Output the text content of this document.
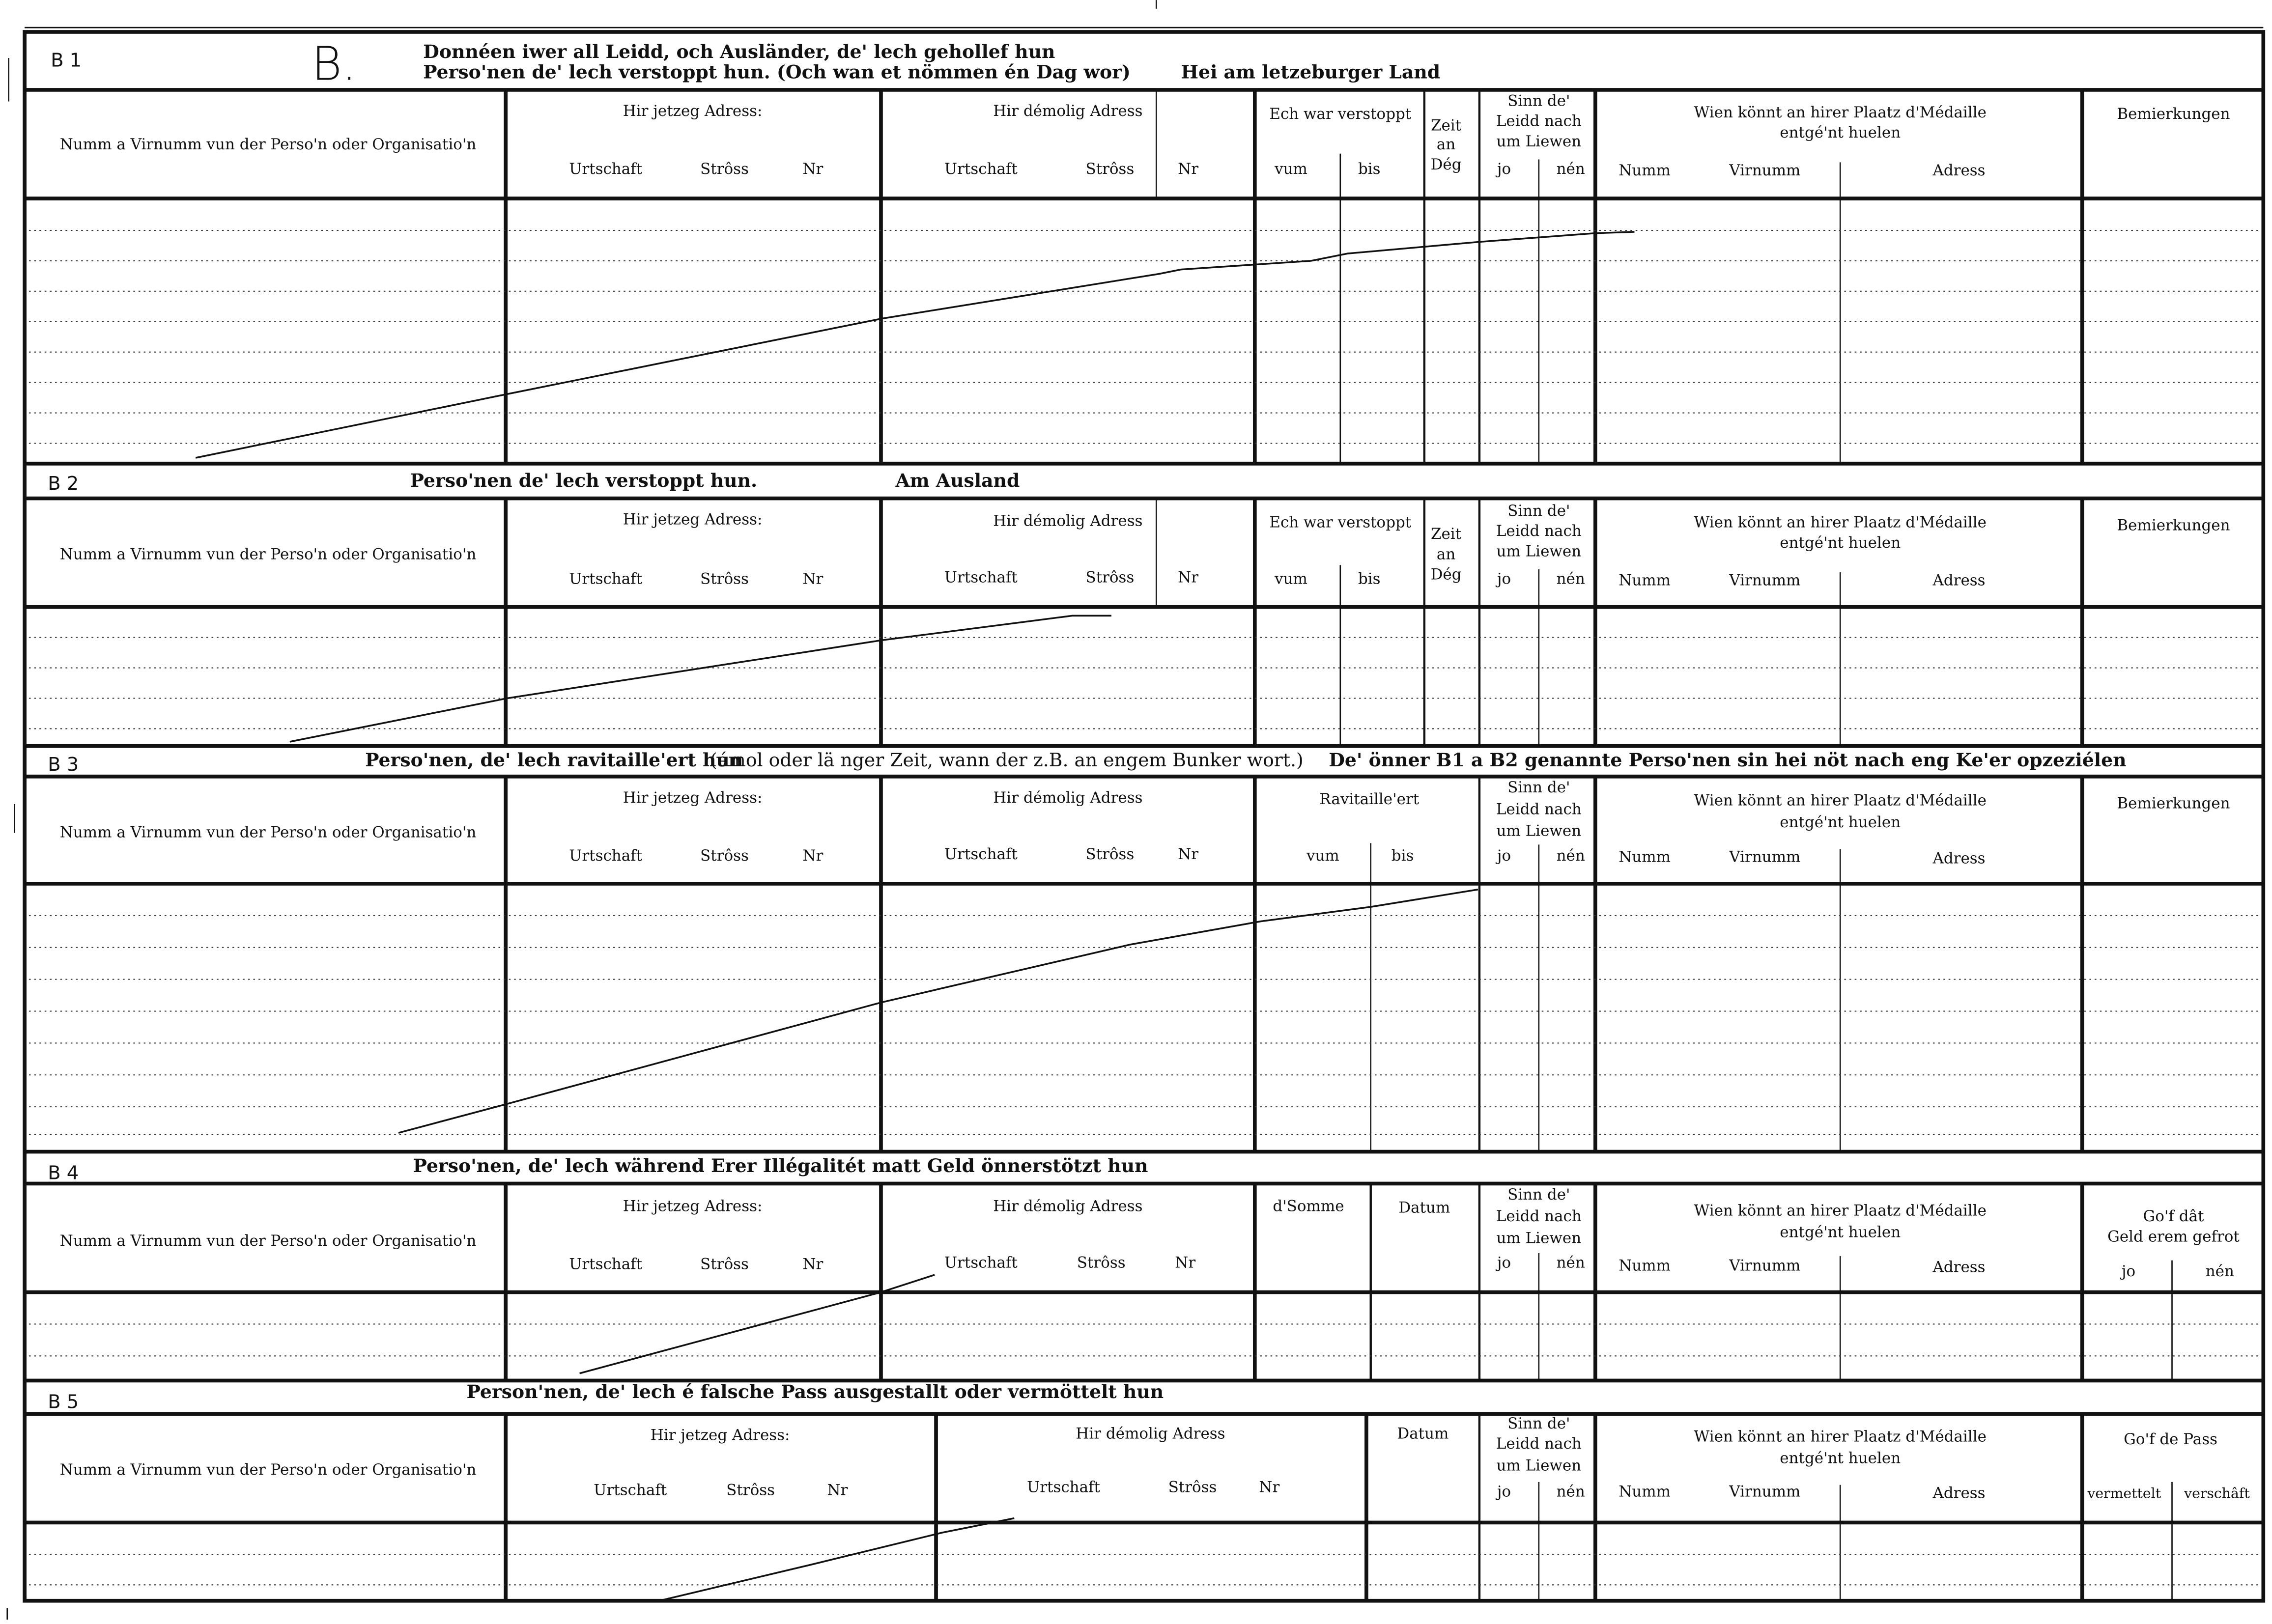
B 1	B.	Donnéen iwer all Leidd, och Ausländer, de' lech gehollef hun
Perso'nen de' lech verstoppt hun. (Och wan et nömmen én Dag wor)	Hei am letzeburger Land
Numm a Virnumm vun der Perso'n oder Organisatio'n
Hir jetzeg Adress:
Urtschaft	Strôss	Nr
Hir démolig Adress
Urtschaft	Strôss	Nr
Ech war verstoppt
vum	bis
Zeit
an
Dég
Sinn de'
Leidd nach
um Liewen
jo	nén
Wien könnt an hirer Plaatz d'Médaille
entgé'nt huelen
Numm	Virnumm	Adress
Bemierkungen
B 2	Perso'nen de' lech verstoppt hun.	Am Ausland
Numm a Virnumm vun der Perso'n oder Organisatio'n
Hir jetzeg Adress:
Urtschaft	Strôss	Nr
Hir démolig Adress
Urtschaft	Strôss	Nr
Ech war verstoppt
vum	bis
Zeit
an
Dég
Sinn de'
Leidd nach
um Liewen
jo	nén
Wien könnt an hirer Plaatz d'Médaille
entgé'nt huelen
Numm	Virnumm	Adress
Bemierkungen
B 3	Perso'nen, de' lech ravitaille'ert hun
(émol oder lä nger Zeit, wann der z.B. an engem Bunker wort.)	De' önner B1 a B2 genannte Perso'nen sin hei nöt nach eng Ke'er opzeziélen
Numm a Virnumm vun der Perso'n oder Organisatio'n
Hir jetzeg Adress:
Urtschaft	Strôss	Nr
Hir démolig Adress
Urtschaft	Strôss	Nr
Ravitaille'ert
vum	bis
Sinn de'
Leidd nach
um Liewen
jo	nén
Wien könnt an hirer Plaatz d'Médaille
entgé'nt huelen
Numm	Virnumm	Adress
Bemierkungen
B 4	Perso'nen, de' lech während Erer Illégalitét matt Geld önnerstötzt hun
Numm a Virnumm vun der Perso'n oder Organisatio'n
Hir jetzeg Adress:
Urtschaft	Strôss	Nr
Hir démolig Adress
Urtschaft	Strôss	Nr
d'Somme	Datum
Sinn de'
Leidd nach
um Liewen
jo	nén
Wien könnt an hirer Plaatz d'Médaille
entgé'nt huelen
Numm	Virnumm	Adress
Go'f dât
Geld erem gefrot
jo	nén
B 5	Person'nen, de' lech é falsche Pass ausgestallt oder vermöttelt hun
Numm a Virnumm vun der Perso'n oder Organisatio'n
Hir jetzeg Adress:
Urtschaft	Strôss	Nr
Hir démolig Adress
Urtschaft	Strôss	Nr
Datum
Sinn de'
Leidd nach
um Liewen
jo	nén
Wien könnt an hirer Plaatz d'Médaille
entgé'nt huelen
Numm	Virnumm	Adress
Go'f de Pass
vermettelt	verschâft
